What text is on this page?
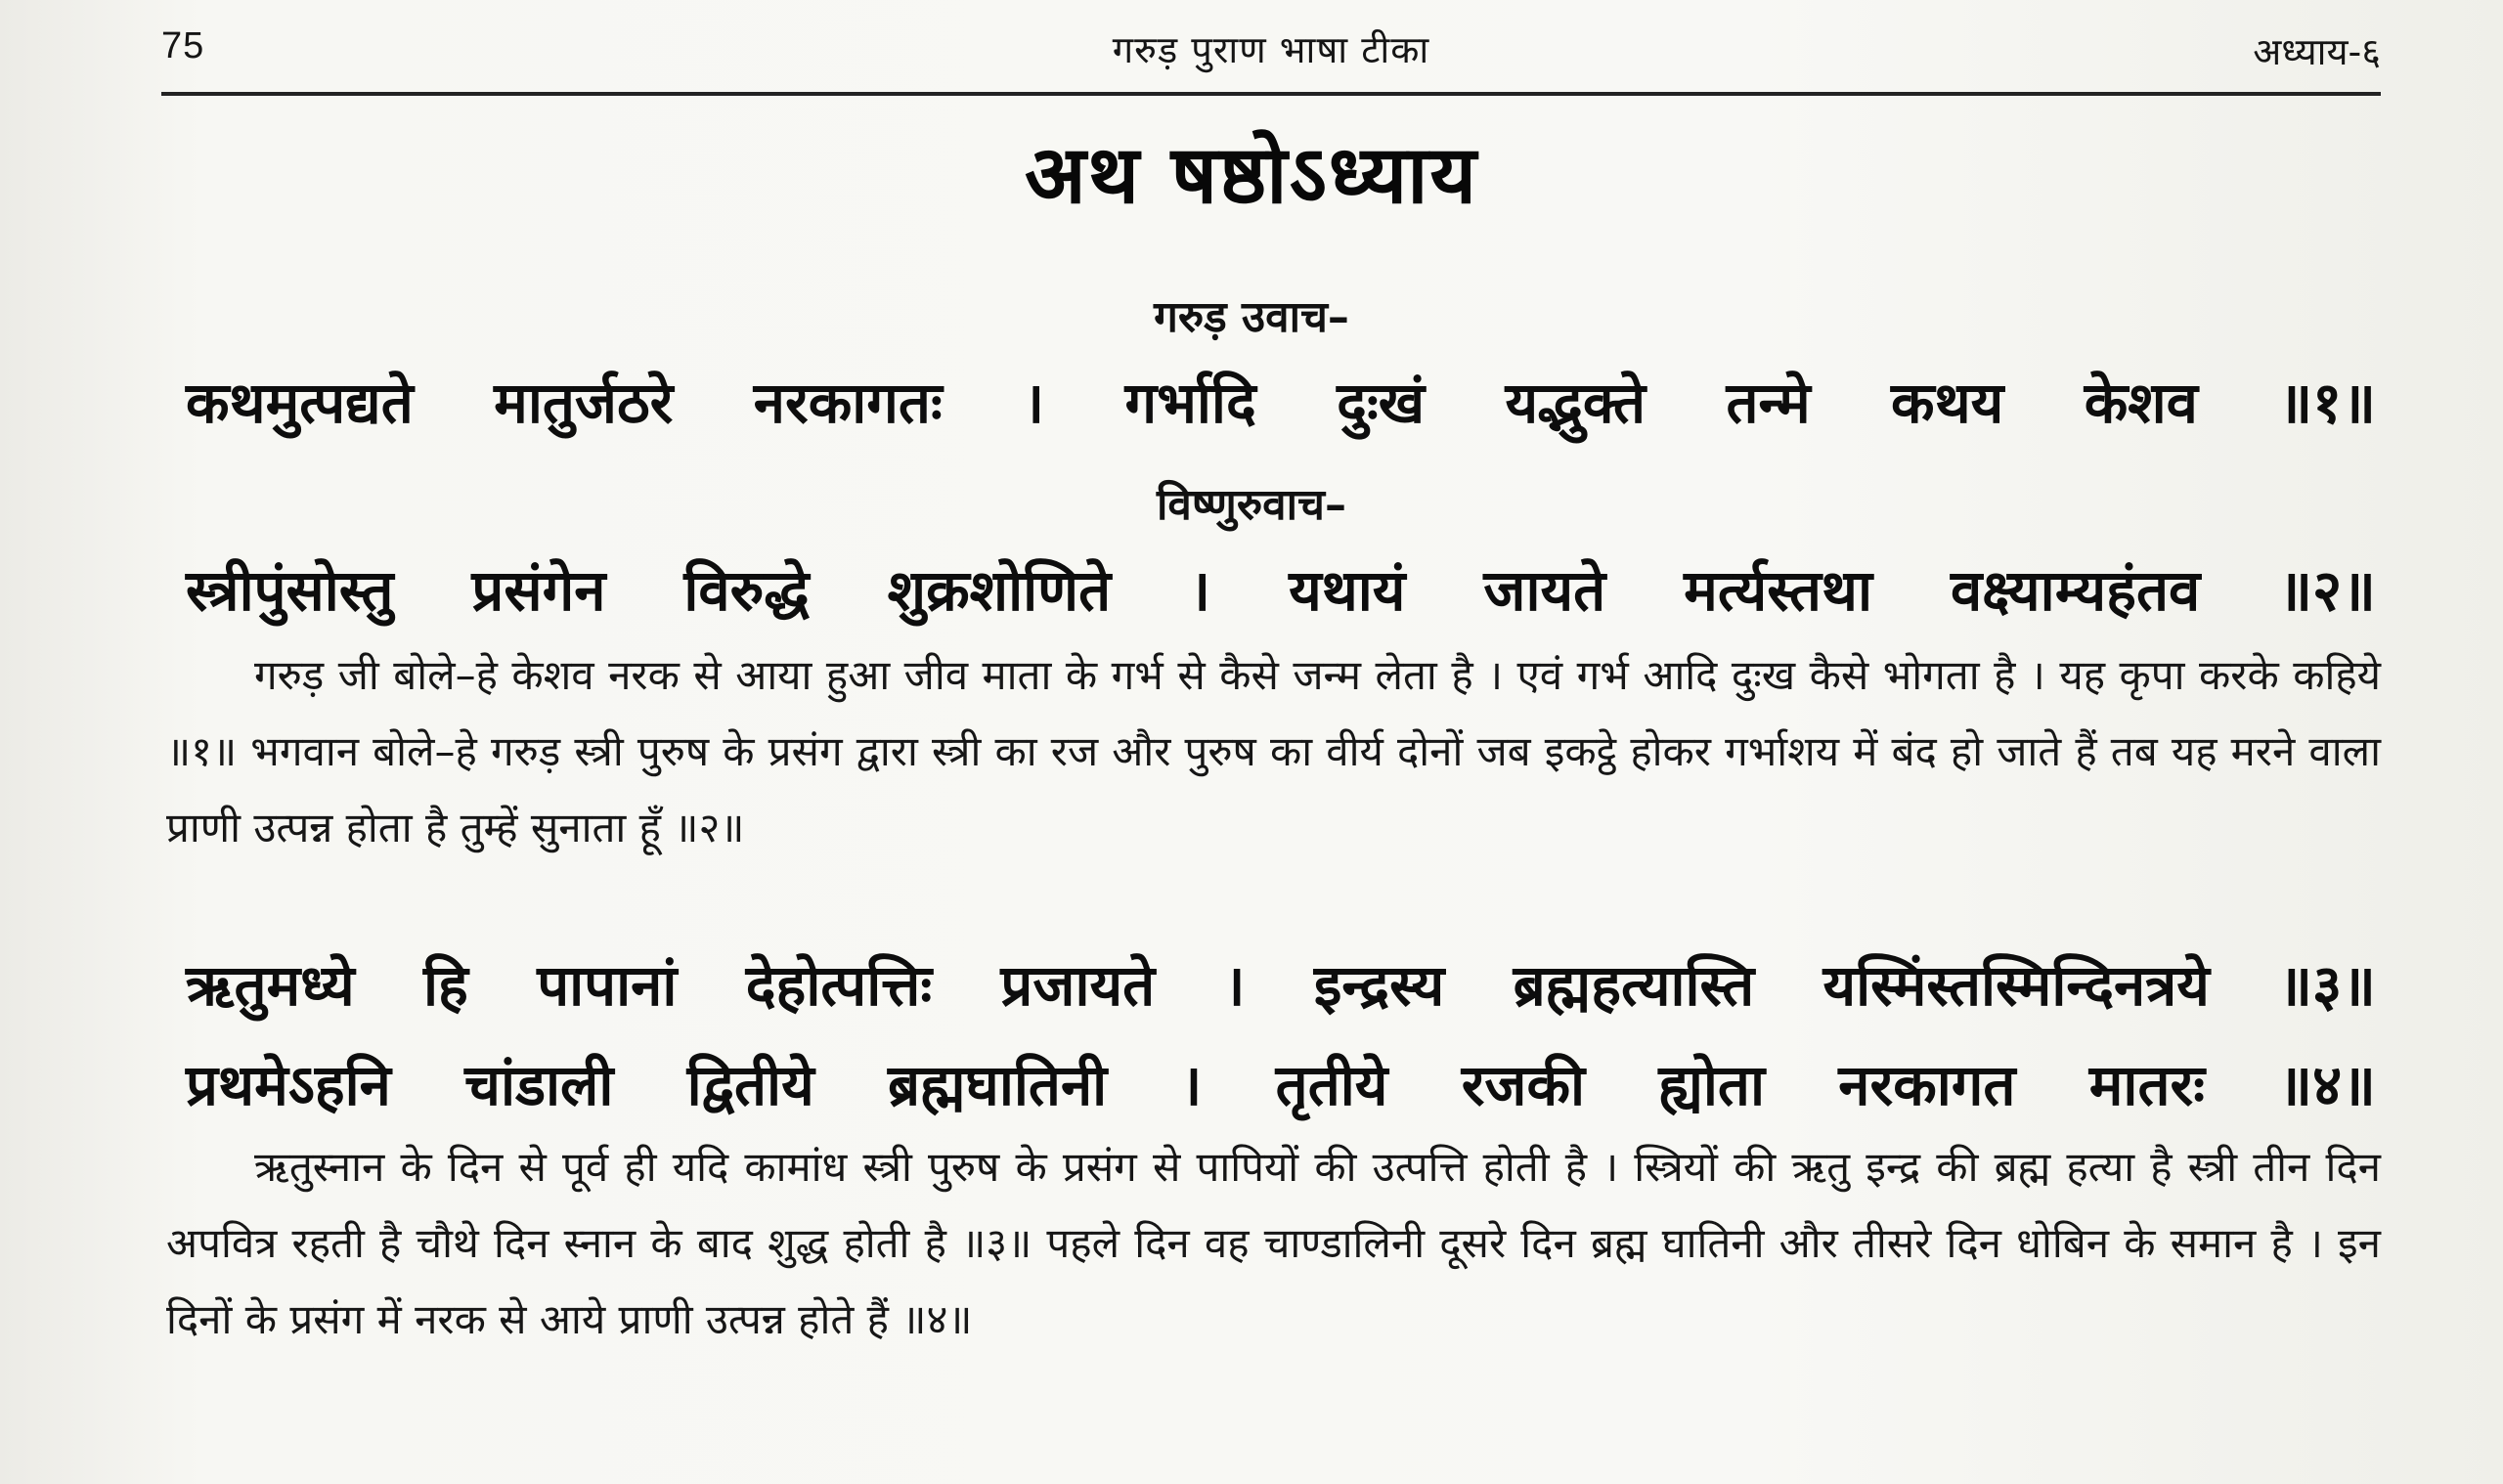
75	गरुड़ पुराण भाषा टीका	अध्याय-६
अथ षष्ठोऽध्याय
गरुड़ उवाच–
कथमुत्पद्यते मातुर्जठरे नरकागतः । गर्भादि दुःखं यद्भुक्ते तन्मे कथय केशव ॥१॥
विष्णुरुवाच–
स्त्रीपुंसोस्तु प्रसंगेन विरुद्धे शुक्रशोणिते । यथायं जायते मर्त्यस्तथा वक्ष्याम्यहंतव ॥२॥
गरुड़ जी बोले–हे केशव नरक से आया हुआ जीव माता के गर्भ से कैसे जन्म लेता है । एवं गर्भ आदि दुःख कैसे भोगता है । यह कृपा करके कहिये ॥१॥ भगवान बोले–हे गरुड़ स्त्री पुरुष के प्रसंग द्वारा स्त्री का रज और पुरुष का वीर्य दोनों जब इकट्ठे होकर गर्भाशय में बंद हो जाते हैं तब यह मरने वाला प्राणी उत्पन्न होता है तुम्हें सुनाता हूँ ॥२॥
ऋतुमध्ये हि पापानां देहोत्पत्तिः प्रजायते । इन्द्रस्य ब्रह्महत्यास्ति यस्मिंस्तस्मिन्दिनत्रये ॥३॥
प्रथमेऽहनि चांडाली द्वितीये ब्रह्मघातिनी । तृतीये रजकी ह्योता नरकागत मातरः ॥४॥
ऋतुस्नान के दिन से पूर्व ही यदि कामांध स्त्री पुरुष के प्रसंग से पापियों की उत्पत्ति होती है । स्त्रियों की ऋतु इन्द्र की ब्रह्म हत्या है स्त्री तीन दिन अपवित्र रहती है चौथे दिन स्नान के बाद शुद्ध होती है ॥३॥ पहले दिन वह चाण्डालिनी दूसरे दिन ब्रह्म घातिनी और तीसरे दिन धोबिन के समान है । इन दिनों के प्रसंग में नरक से आये प्राणी उत्पन्न होते हैं ॥४॥
